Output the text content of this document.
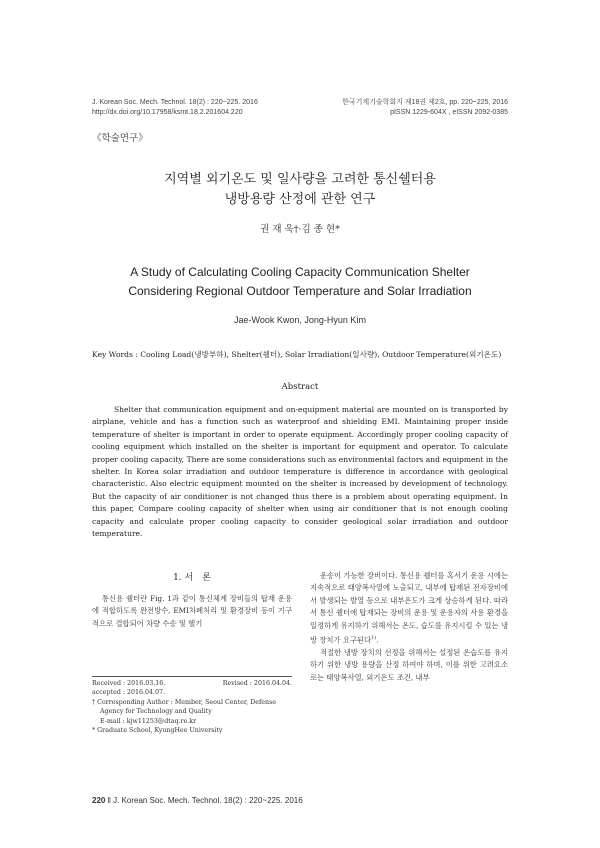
J. Korean Soc. Mech. Technol. 18(2) : 220~225. 2016
http://dx.doi.org/10.17958/ksmt.18.2.201604.220
한국기계기술학회지 제18권 제2호, pp. 220~225, 2016
pISSN 1229-604X , eISSN 2092-0385
《학술연구》
지역별 외기온도 및 일사량을 고려한 통신쉘터용
냉방용량 산정에 관한 연구
권 재 욱†·김 종 현*
A Study of Calculating Cooling Capacity Communication Shelter
Considering Regional Outdoor Temperature and Solar Irradiation
Jae-Wook Kwon, Jong-Hyun Kim
Key Words : Cooling Load(냉방부하), Shelter(쉘터), Solar Irradiation(일사량), Outdoor Temperature(외기온도)
Abstract

Shelter that communication equipment and on-equipment material are mounted on is transported by airplane, vehicle and has a function such as waterproof and shielding EMI. Maintaining proper inside temperature of shelter is important in order to operate equipment. Accordingly proper cooling capacity of cooling equipment which installed on the shelter is important for equipment and operator. To calculate proper cooling capacity, There are some considerations such as environmental factors and equipment in the shelter. In Korea solar irradiation and outdoor temperature is difference in accordance with geological characteristic. Also electric equipment mounted on the shelter is increased by development of technology. But the capacity of air conditioner is not changed thus there is a problem about operating equipment. In this paper, Compare cooling capacity of shelter when using air conditioner that is not enough cooling capacity and calculate proper cooling capacity to consider geological solar irradiation and outdoor temperature.

1. 서　론

통신용 쉘터란 Fig. 1과 같이 통신체계 장비들의 탑재 운용에 적합하도록 완전방수, EMI차폐처리 및 환경장비 등이 기구적으로 결합되어 차량 수송 및 헬기

운송이 가능한 장비이다. 통신용 쉘터를 혹서기 운용 시에는 지속적으로 태양복사열에 노출되고, 내부에 탑재된 전자장비에서 발생되는 발열 등으로 내부온도가 크게 상승하게 된다. 따라서 통신 쉘터에 탑재되는 장비의 운용 및 운용자의 사용 환경을 일정하게 유지하기 위해서는 온도, 습도를 유지시킬 수 있는 냉방 장치가 요구된다$^{1)}$.

적절한 냉방 장치의 선정을 위해서는 설정된 온습도를 유지하기 위한 냉방 용량을 산정 하여야 하며, 이를 위한 고려요소로는 태양복사열, 외기온도 조건, 내부

Received : 2016.03.16.	Revised : 2016.04.04.
accepted : 2016.04.07.
† Corresponding Author : Member, Seoul Center, Defense
Agency for Technology and Quality
E-mail : kjw11253@dtaq.re.kr
* Graduate School, KyungHee University
220 ‖ J. Korean Soc. Mech. Technol. 18(2) : 220~225. 2016
